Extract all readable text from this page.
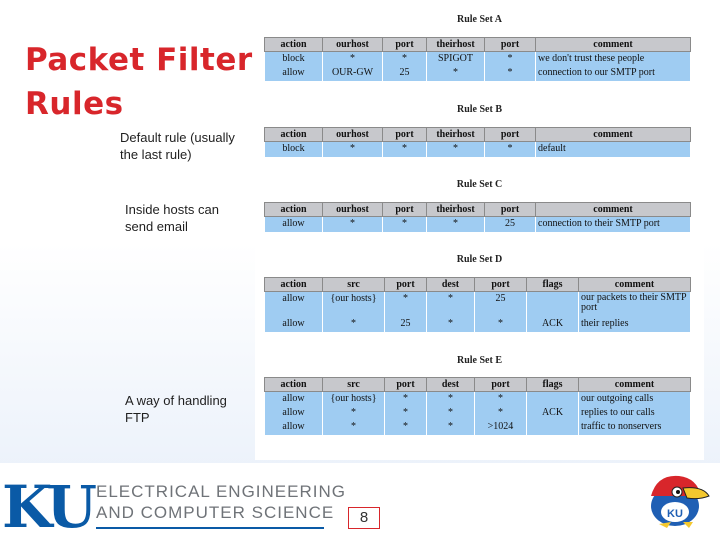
Packet Filter
Rules
Default rule (usually
the last rule)
Inside hosts can
send email
A way of handling
FTP
Rule Set A
action	ourhost	port	theirhost	port	comment
block	*	*	SPIGOT	*	we don't trust these people
allow	OUR-GW	25	*	*	connection to our SMTP port
Rule Set B
action	ourhost	port	theirhost	port	comment
block	*	*	*	*	default
Rule Set C
action	ourhost	port	theirhost	port	comment
allow	*	*	*	25	connection to their SMTP port
Rule Set D
action	src	port	dest	port	flags	comment
allow	{our hosts}	*	*	25		our packets to their SMTP port
allow	*	25	*	*	ACK	their replies
Rule Set E
action	src	port	dest	port	flags	comment
allow	{our hosts}	*	*	*		our outgoing calls
allow	*	*	*	*	ACK	replies to our calls
allow	*	*	*	>1024		traffic to nonservers
KU ELECTRICAL ENGINEERING
AND COMPUTER SCIENCE	8	KU
